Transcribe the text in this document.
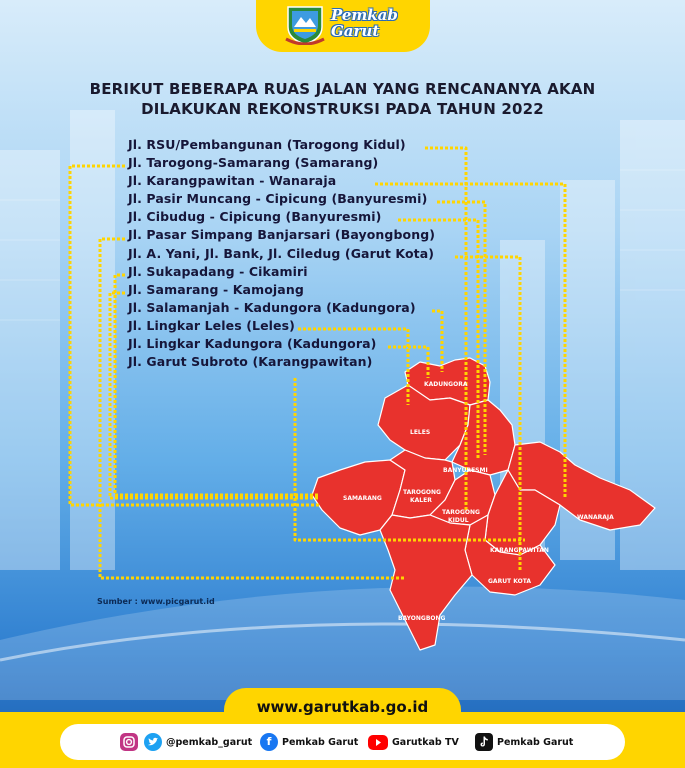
Pemkab
Garut
BERIKUT BEBERAPA RUAS JALAN YANG RENCANANYA AKAN
DILAKUKAN REKONSTRUKSI PADA TAHUN 2022
Jl. RSU/Pembangunan (Tarogong Kidul)
Jl. Tarogong-Samarang (Samarang)
Jl. Karangpawitan - Wanaraja
Jl. Pasir Muncang - Cipicung (Banyuresmi)
Jl. Cibudug - Cipicung (Banyuresmi)
Jl. Pasar Simpang Banjarsari (Bayongbong)
Jl. A. Yani, Jl. Bank, Jl. Ciledug (Garut Kota)
Jl. Sukapadang - Cikamiri
Jl. Samarang - Kamojang
Jl. Salamanjah - Kadungora (Kadungora)
Jl. Lingkar Leles (Leles)
Jl. Lingkar Kadungora (Kadungora)
Jl. Garut Subroto (Karangpawitan)
KADUNGORA
LELES
BANYURESMI
SAMARANG
TAROGONG
KALER
TAROGONG
KIDUL	WANARAJA
KARANGPAWITAN
GARUT KOTA
BAYONGBONG
Sumber : www.picgarut.id
www.garutkab.go.id
@pemkab_garut	f	Pemkab Garut	Garutkab TV	Pemkab Garut
